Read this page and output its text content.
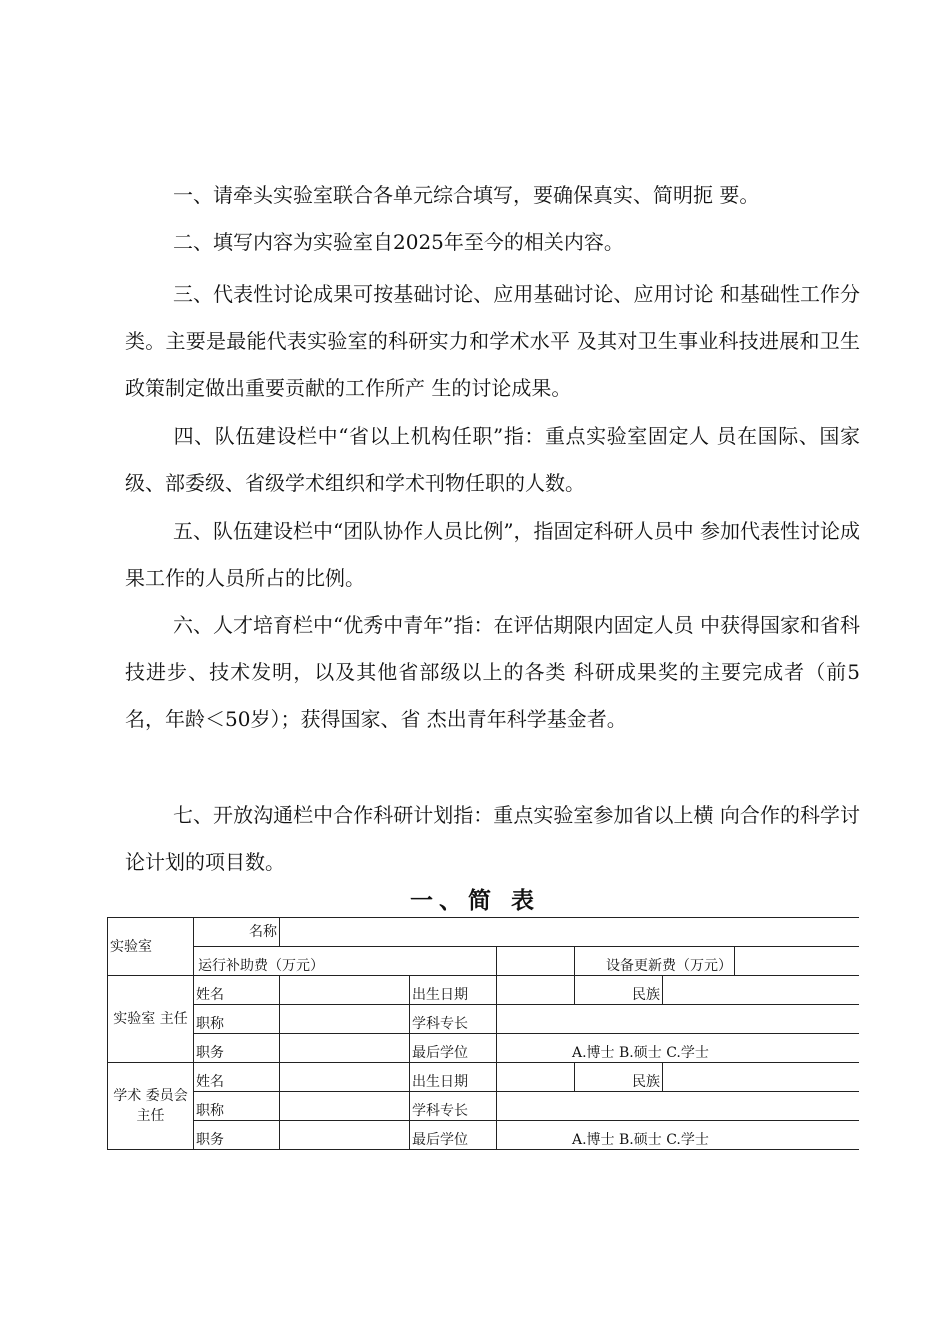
一、请牵头实验室联合各单元综合填写，要确保真实、简明扼 要。

二、填写内容为实验室自2025年至今的相关内容。

三、代表性讨论成果可按基础讨论、应用基础讨论、应用讨论 和基础性工作分类。主要是最能代表实验室的科研实力和学术水平 及其对卫生事业科技进展和卫生政策制定做出重要贡献的工作所产 生的讨论成果。

四、队伍建设栏中“省以上机构任职”指：重点实验室固定人 员在国际、国家级、部委级、省级学术组织和学术刊物任职的人数。

五、队伍建设栏中“团队协作人员比例”，指固定科研人员中 参加代表性讨论成果工作的人员所占的比例。

六、人才培育栏中“优秀中青年”指：在评估期限内固定人员 中获得国家和省科技进步、技术发明，以及其他省部级以上的各类 科研成果奖的主要完成者（前5名，年龄＜50岁）；获得国家、省 杰出青年科学基金者。

七、开放沟通栏中合作科研计划指：重点实验室参加省以上横 向合作的科学讨论计划的项目数。

一、简 表
实验室	名称						
	运行补助费（万元）				设备更新费（万元）		
实验室 主任	姓名		出生日期		民族		
	职称		学科专长				
	职务		最后学位	A.博士 B.硕士 C.学士			
学术 委员会 主任	姓名		出生日期		民族		
	职称		学科专长				
	职务		最后学位	A.博士 B.硕士 C.学士			
